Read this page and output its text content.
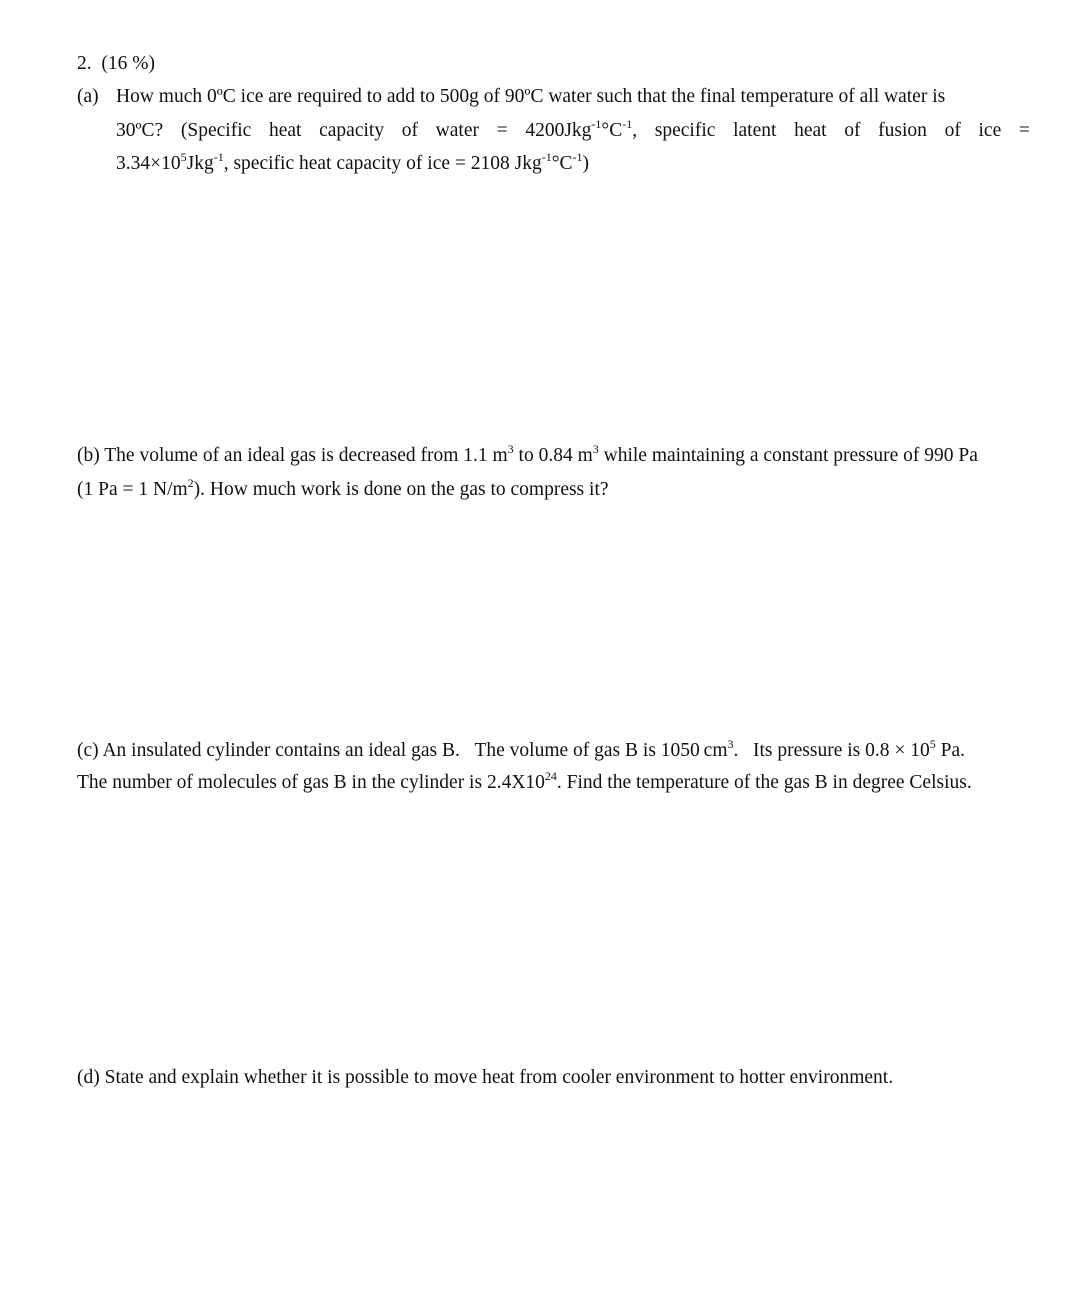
2. (16 %)
(a) How much 0ºC ice are required to add to 500g of 90ºC water such that the final temperature of all water is
30ºC? (Specific heat capacity of water = $4200Jkg^{-1}^\circ C^{-1}$, specific latent heat of fusion of ice =
$3.34\times 10^5Jkg^{-1}$, specific heat capacity of ice = 2108 $Jkg^{-1}^\circ C^{-1}$)
(b) The volume of an ideal gas is decreased from 1.1 $m^3$ to 0.84 $m^3$ while maintaining a constant pressure of 990 Pa
(1 Pa = 1 $N/m^2$). How much work is done on the gas to compress it?
(c) An insulated cylinder contains an ideal gas B.   The volume of gas B is 1050 $cm^3$.   Its pressure is $0.8 \times 10^5$ Pa.
The number of molecules of gas B in the cylinder is $2.4X10^{24}$. Find the temperature of the gas B in degree Celsius.
(d) State and explain whether it is possible to move heat from cooler environment to hotter environment.
